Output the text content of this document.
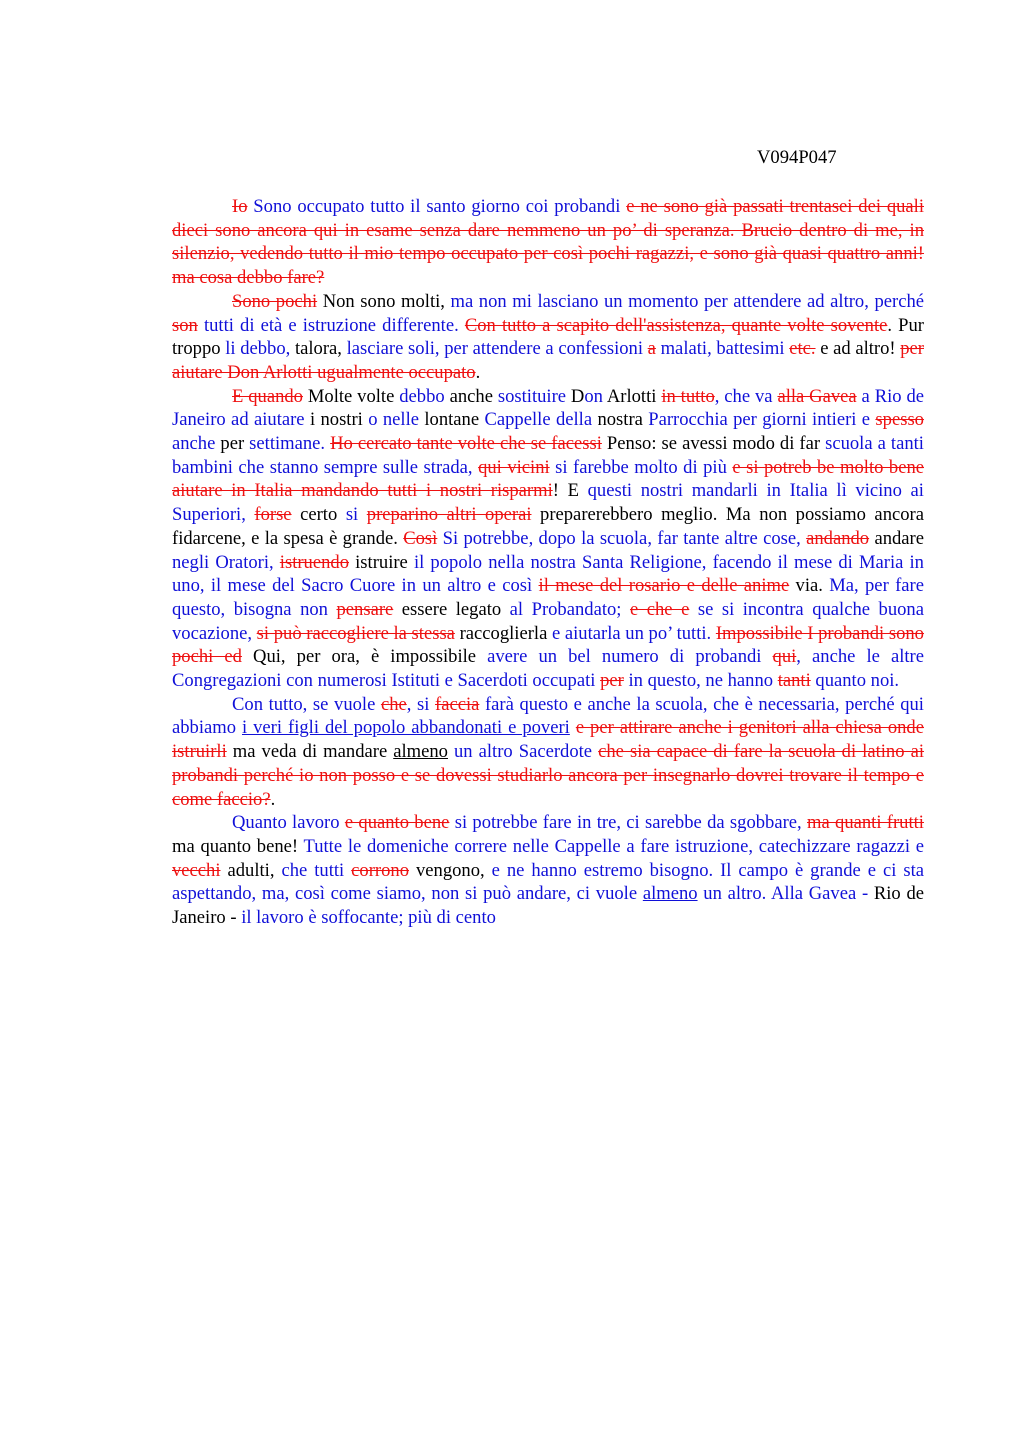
V094P047

Io Sono occupato tutto il santo giorno coi probandi e ne sono già passati trentasei dei quali dieci sono ancora qui in esame senza dare nemmeno un po’ di speranza. Brucio dentro di me, in silenzio, vedendo tutto il mio tempo occupato per così pochi ragazzi, e sono già quasi quattro anni! ma cosa debbo fare?

Sono pochi Non sono molti, ma non mi lasciano un momento per attendere ad altro, perché son tutti di età e istruzione differente. Con tutto a scapito dell'assistenza, quante volte sovente. Pur troppo li debbo, talora, lasciare soli, per attendere a confessioni a malati, battesimi etc. e ad altro! per aiutare Don Arlotti ugualmente occupato.

E quando Molte volte debbo anche sostituire Don Arlotti in tutto, che va alla Gavea a Rio de Janeiro ad aiutare i nostri o nelle lontane Cappelle della nostra Parrocchia per giorni intieri e spesso anche per settimane. Ho cercato tante volte che se facessi Penso: se avessi modo di far scuola a tanti bambini che stanno sempre sulle strada, qui vicini si farebbe molto di più e si potreb be molto bene aiutare in Italia mandando tutti i nostri risparmi! E questi nostri mandarli in Italia lì vicino ai Superiori, forse certo si preparino altri operai preparerebbero meglio. Ma non possiamo ancora fidarcene, e la spesa è grande. Così Si potrebbe, dopo la scuola, far tante altre cose, andando andare negli Oratori, istruendo istruire il popolo nella nostra Santa Religione, facendo il mese di Maria in uno, il mese del Sacro Cuore in un altro e così il mese del rosario e delle anime via. Ma, per fare questo, bisogna non pensare essere legato al Probandato; e che e se si incontra qualche buona vocazione, si può raccogliere la stessa raccoglierla e aiutarla un po’ tutti. Impossibile I probandi sono pochi ed Qui, per ora, è impossibile avere un bel numero di probandi qui, anche le altre Congregazioni con numerosi Istituti e Sacerdoti occupati per in questo, ne hanno tanti quanto noi.

Con tutto, se vuole che, si faccia farà questo e anche la scuola, che è necessaria, perché qui abbiamo i veri figli del popolo abbandonati e poveri e per attirare anche i genitori alla chiesa onde istruirli ma veda di mandare almeno un altro Sacerdote che sia capace di fare la scuola di latino ai probandi perché io non posso e se dovessi studiarlo ancora per insegnarlo dovrei trovare il tempo e come faccio?.

Quanto lavoro e quanto bene si potrebbe fare in tre, ci sarebbe da sgobbare, ma quanti frutti ma quanto bene! Tutte le domeniche correre nelle Cappelle a fare istruzione, catechizzare ragazzi e vecchi adulti, che tutti corrono vengono, e ne hanno estremo bisogno. Il campo è grande e ci sta aspettando, ma, così come siamo, non si può andare, ci vuole almeno un altro. Alla Gavea - Rio de Janeiro - il lavoro è soffocante; più di cento
